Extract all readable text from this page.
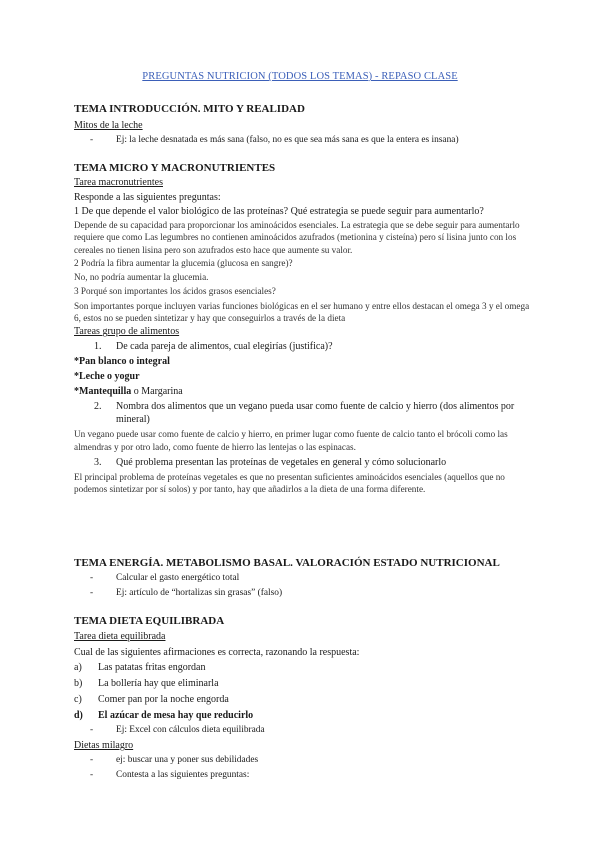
PREGUNTAS NUTRICION (TODOS LOS TEMAS) - REPASO CLASE
TEMA INTRODUCCIÓN. MITO Y REALIDAD
Mitos de la leche
- Ej: la leche desnatada es más sana (falso, no es que sea más sana es que la entera es insana)
TEMA MICRO Y MACRONUTRIENTES
Tarea macronutrientes
Responde a las siguientes preguntas:
1 De que depende el valor biológico de las proteínas? Qué estrategia se puede seguir para aumentarlo?
Depende de su capacidad para proporcionar los aminoácidos esenciales. La estrategia que se debe seguir para aumentarlo requiere que como Las legumbres no contienen aminoácidos azufrados (metionina y cisteína) pero sí lisina junto con los cereales no tienen lisina pero son azufrados esto hace que aumente su valor.
2 Podría la fibra aumentar la glucemia (glucosa en sangre)?
No, no podría aumentar la glucemia.
3 Porqué son importantes los ácidos grasos esenciales?
Son importantes porque incluyen varias funciones biológicas en el ser humano y entre ellos destacan el omega 3 y el omega 6, estos no se pueden sintetizar y hay que conseguirlos a través de la dieta
Tareas grupo de alimentos
1. De cada pareja de alimentos, cual elegirías (justifica)?
*Pan blanco o integral
*Leche o yogur
*Mantequilla o Margarina
2. Nombra dos alimentos que un vegano pueda usar como fuente de calcio y hierro (dos alimentos por mineral)
Un vegano puede usar como fuente de calcio y hierro, en primer lugar como fuente de calcio tanto el brócoli como las almendras y por otro lado, como fuente de hierro las lentejas o las espinacas.
3. Qué problema presentan las proteínas de vegetales en general y cómo solucionarlo
El principal problema de proteínas vegetales es que no presentan suficientes aminoácidos esenciales (aquellos que no podemos sintetizar por sí solos) y por tanto, hay que añadirlos a la dieta de una forma diferente.
TEMA ENERGÍA. METABOLISMO BASAL. VALORACIÓN ESTADO NUTRICIONAL
- Calcular el gasto energético total
- Ej: artículo de “hortalizas sin grasas” (falso)
TEMA DIETA EQUILIBRADA
Tarea dieta equilibrada
Cual de las siguientes afirmaciones es correcta, razonando la respuesta:
a) Las patatas fritas engordan
b) La bollería hay que eliminarla
c) Comer pan por la noche engorda
d) El azúcar de mesa hay que reducirlo
- Ej: Excel con cálculos dieta equilibrada
Dietas milagro
- ej: buscar una y poner sus debilidades
- Contesta a las siguientes preguntas:
